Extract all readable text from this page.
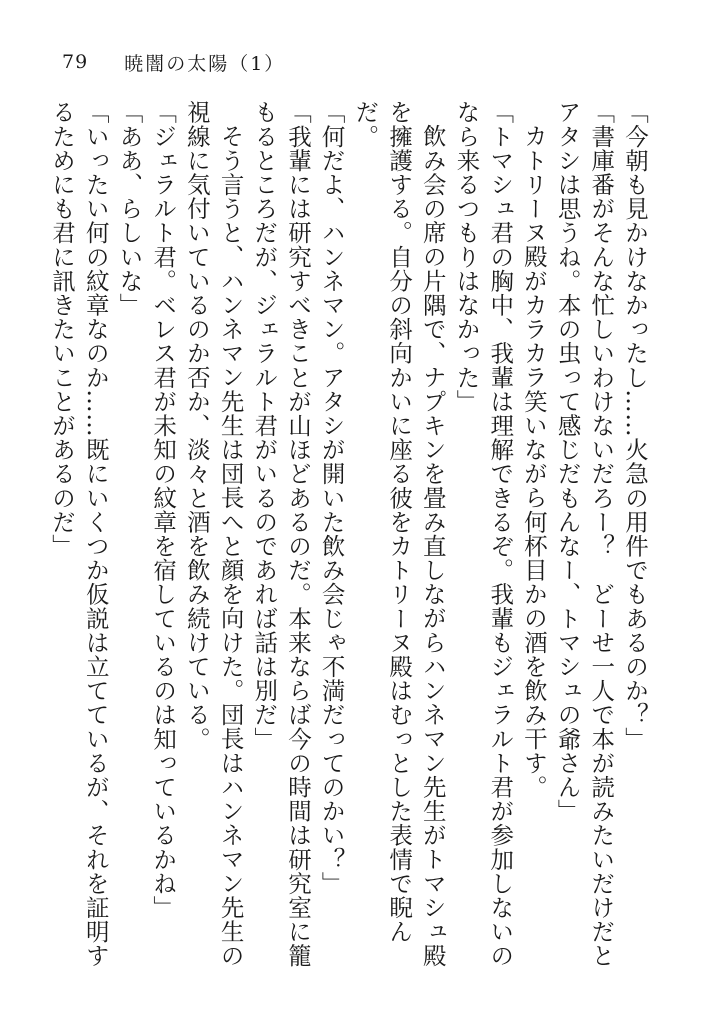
79 暁闇の太陽（1）

「今朝も見かけなかったし……火急の用件でもあるのか？」

「書庫番がそんな忙しいわけないだろー？　どーせ一人で本が読みたいだけだとアタシは思うね。本の虫って感じだもんなー、トマシュの爺さん」

カトリーヌ殿がカラカラ笑いながら何杯目かの酒を飲み干す。

「トマシュ君の胸中、我輩は理解できるぞ。我輩もジェラルト君が参加しないのなら来るつもりはなかった」

飲み会の席の片隅で、ナプキンを畳み直しながらハンネマン先生がトマシュ殿を擁護する。自分の斜向かいに座る彼をカトリーヌ殿はむっとした表情で睨んだ。

「何だよ、ハンネマン。アタシが開いた飲み会じゃ不満だってのかい？」

「我輩には研究すべきことが山ほどあるのだ。本来ならば今の時間は研究室に籠もるところだが、ジェラルト君がいるのであれば話は別だ」

そう言うと、ハンネマン先生は団長へと顔を向けた。団長はハンネマン先生の視線に気付いているのか否か、淡々と酒を飲み続けている。

「ジェラルト君。ベレス君が未知の紋章を宿しているのは知っているかね」

「ああ、らしいな」

「いったい何の紋章なのか……既にいくつか仮説は立てているが、それを証明するためにも君に訊きたいことがあるのだ」
